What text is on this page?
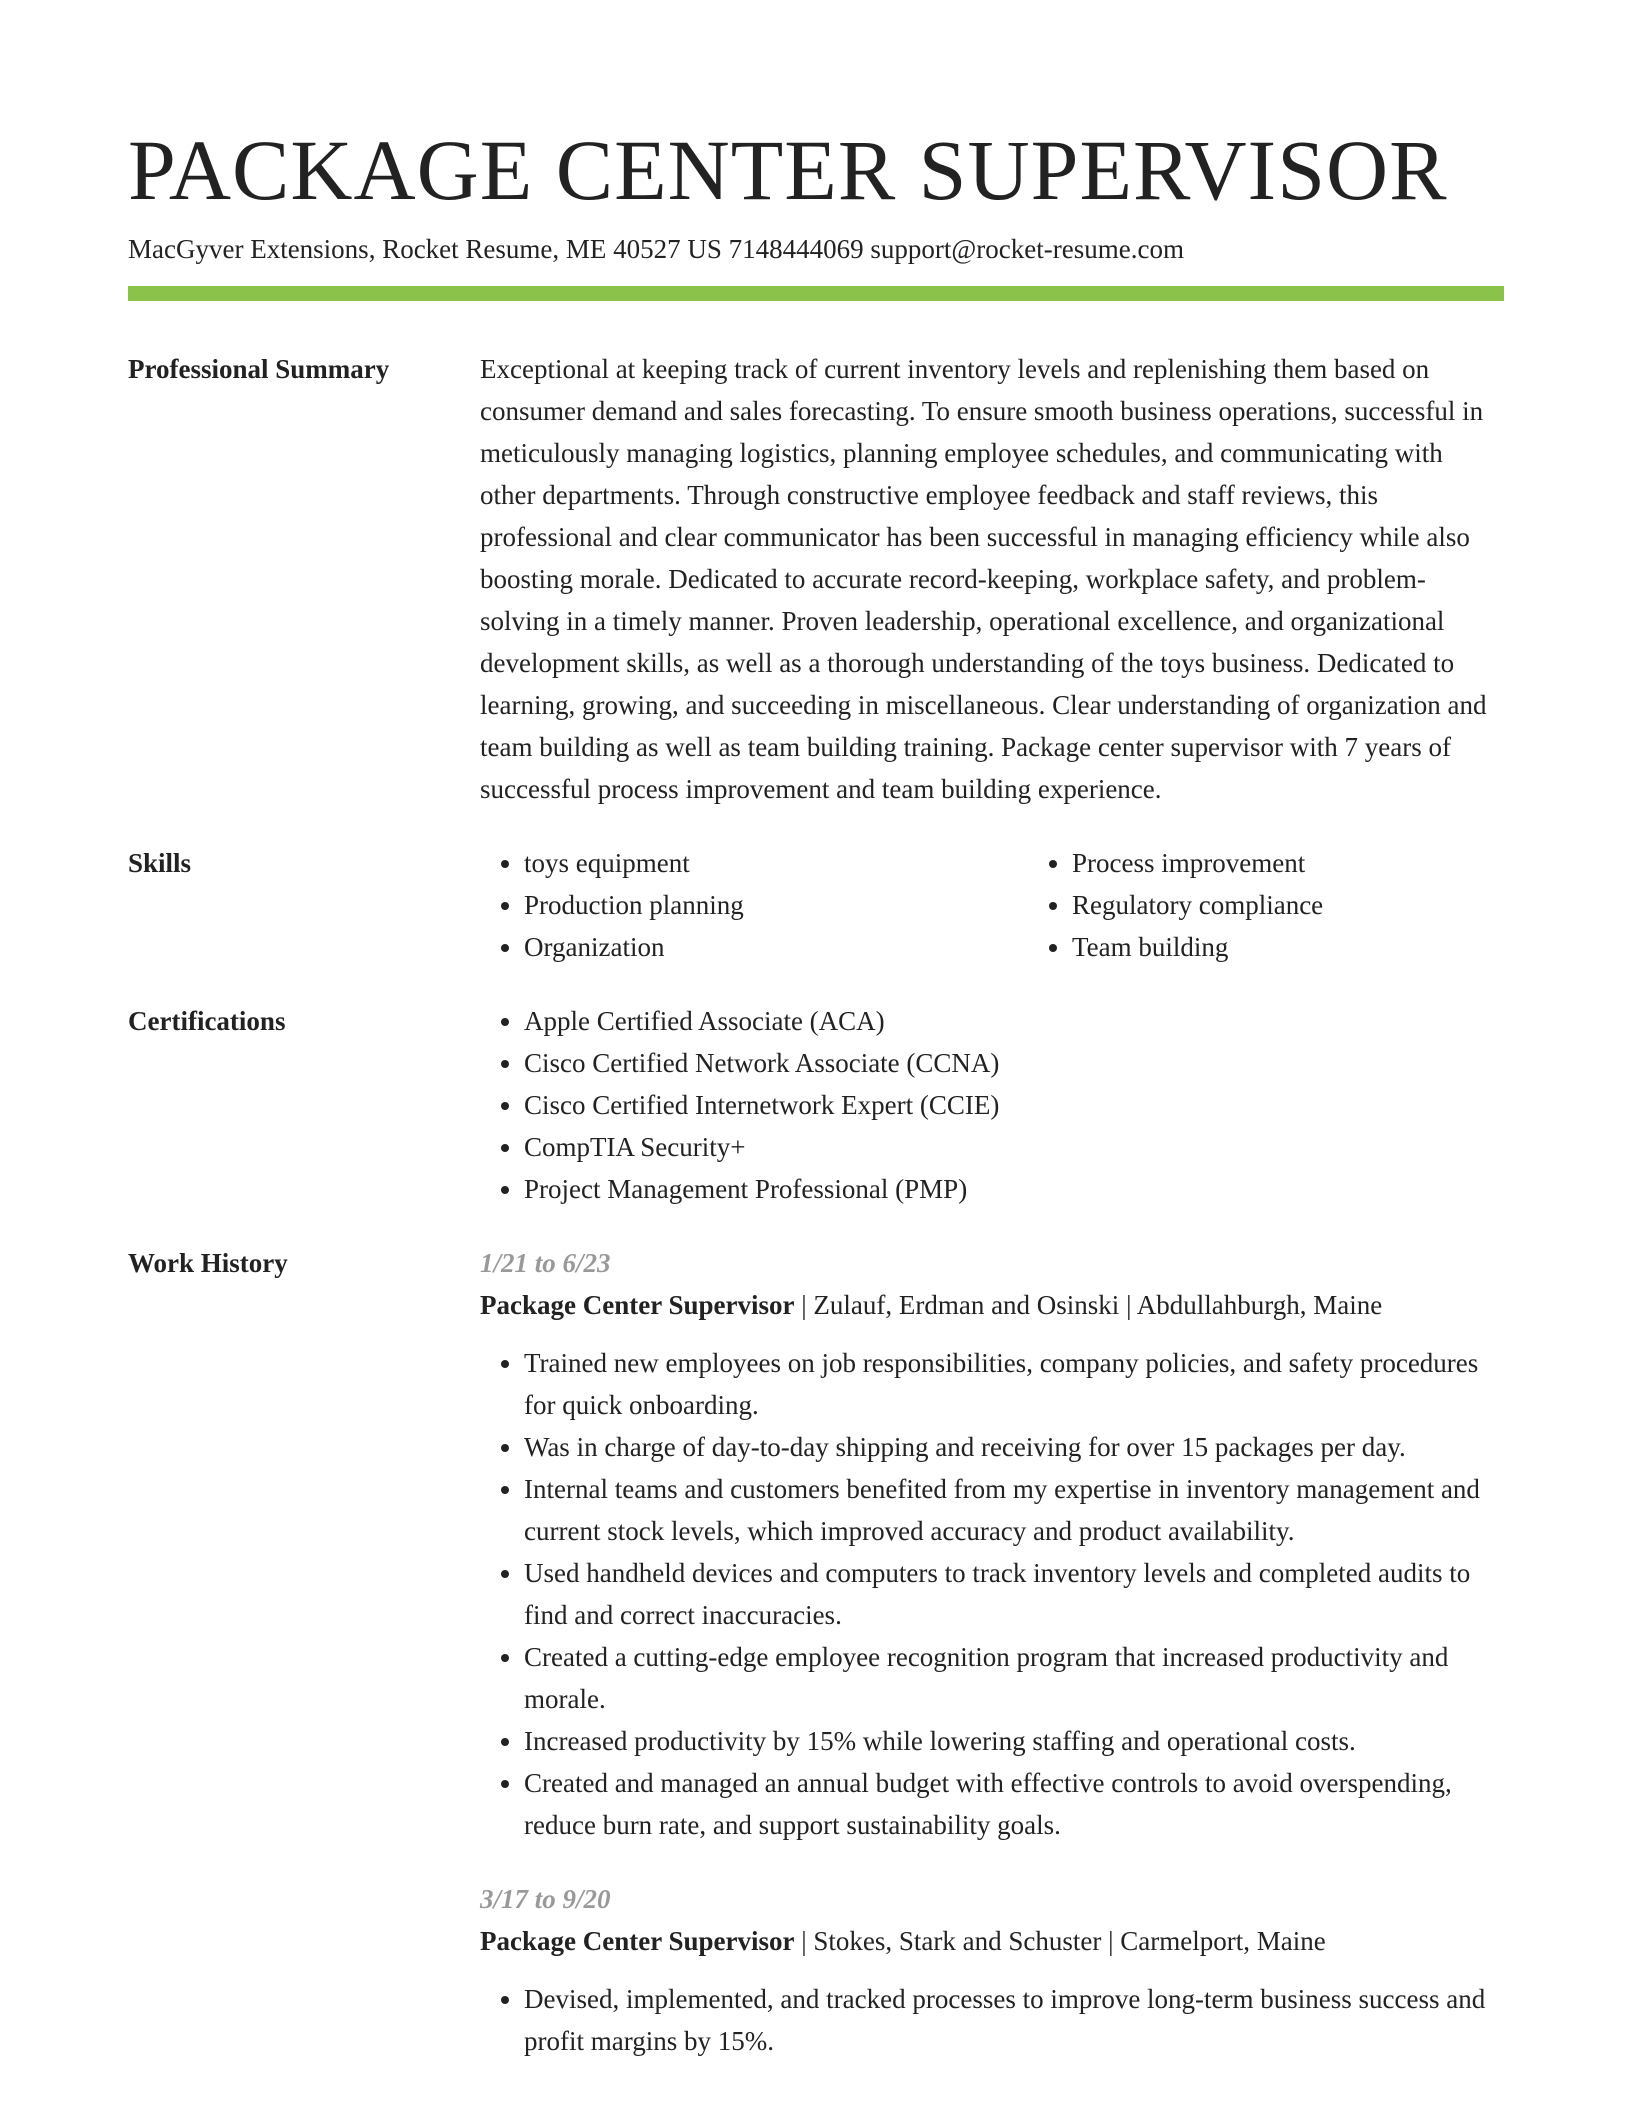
PACKAGE CENTER SUPERVISOR
MacGyver Extensions, Rocket Resume, ME 40527 US 7148444069 support@rocket-resume.com
Professional Summary	Exceptional at keeping track of current inventory levels and replenishing them based on consumer demand and sales forecasting. To ensure smooth business operations, successful in meticulously managing logistics, planning employee schedules, and communicating with other departments. Through constructive employee feedback and staff reviews, this professional and clear communicator has been successful in managing efficiency while also boosting morale. Dedicated to accurate record-keeping, workplace safety, and problem-solving in a timely manner. Proven leadership, operational excellence, and organizational development skills, as well as a thorough understanding of the toys business. Dedicated to learning, growing, and succeeding in miscellaneous. Clear understanding of organization and team building as well as team building training. Package center supervisor with 7 years of successful process improvement and team building experience.

Skills	• toys equipment
• Production planning
• Organization
• Process improvement
• Regulatory compliance
• Team building
Certifications	• Apple Certified Associate (ACA)
• Cisco Certified Network Associate (CCNA)
• Cisco Certified Internetwork Expert (CCIE)
• CompTIA Security+
• Project Management Professional (PMP)
Work History	1/21 to 6/23
Package Center Supervisor | Zulauf, Erdman and Osinski | Abdullahburgh, Maine
• Trained new employees on job responsibilities, company policies, and safety procedures for quick onboarding.
• Was in charge of day-to-day shipping and receiving for over 15 packages per day.
• Internal teams and customers benefited from my expertise in inventory management and current stock levels, which improved accuracy and product availability.
• Used handheld devices and computers to track inventory levels and completed audits to find and correct inaccuracies.
• Created a cutting-edge employee recognition program that increased productivity and morale.
• Increased productivity by 15% while lowering staffing and operational costs.
• Created and managed an annual budget with effective controls to avoid overspending, reduce burn rate, and support sustainability goals.
3/17 to 9/20
Package Center Supervisor | Stokes, Stark and Schuster | Carmelport, Maine
• Devised, implemented, and tracked processes to improve long-term business success and profit margins by 15%.
